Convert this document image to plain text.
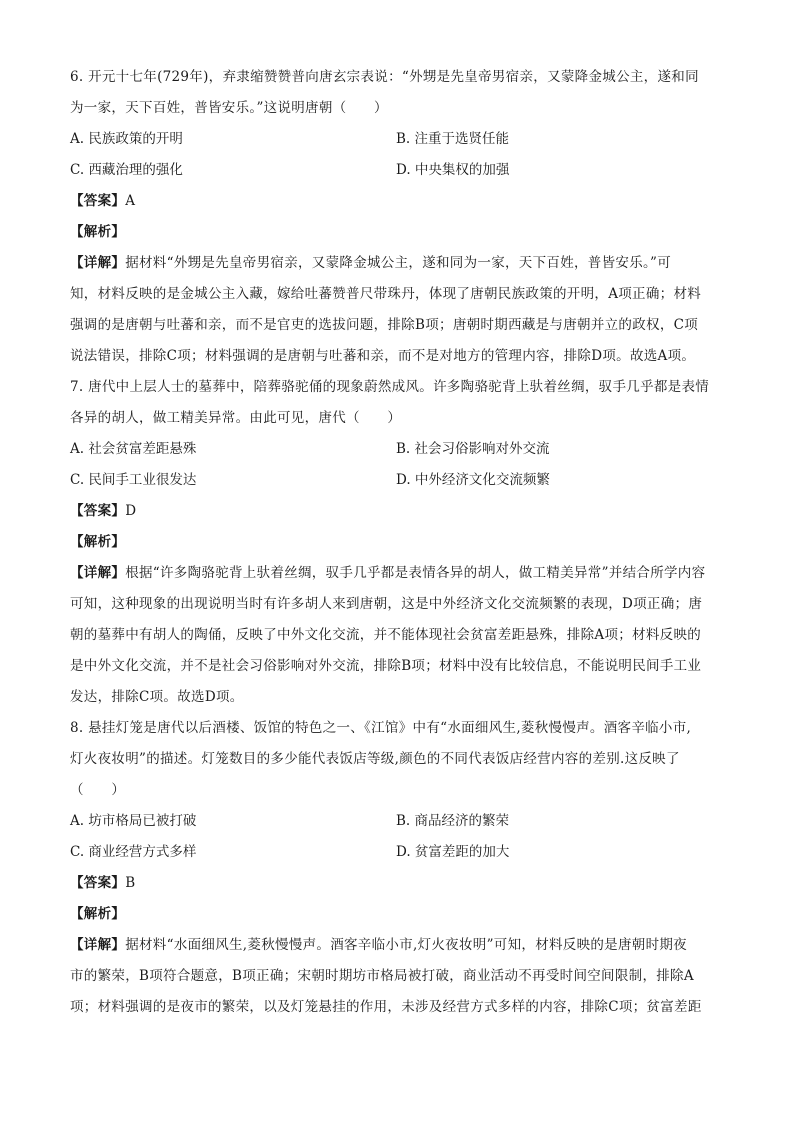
6. 开元十七年(729年)，弃隶缩赞赞普向唐玄宗表说：“外甥是先皇帝男宿亲，又蒙降金城公主，遂和同
为一家，天下百姓，普皆安乐。”这说明唐朝（　　）
A. 民族政策的开明	B. 注重于选贤任能
C. 西藏治理的强化	D. 中央集权的加强
【答案】A
【解析】
【详解】据材料“外甥是先皇帝男宿亲，又蒙降金城公主，遂和同为一家，天下百姓，普皆安乐。”可
知，材料反映的是金城公主入藏，嫁给吐蕃赞普尺带珠丹，体现了唐朝民族政策的开明，A项正确；材料
强调的是唐朝与吐蕃和亲，而不是官吏的选拔问题，排除B项；唐朝时期西藏是与唐朝并立的政权，C项
说法错误，排除C项；材料强调的是唐朝与吐蕃和亲，而不是对地方的管理内容，排除D项。故选A项。
7. 唐代中上层人士的墓葬中，陪葬骆驼俑的现象蔚然成风。许多陶骆驼背上驮着丝绸，驭手几乎都是表情
各异的胡人，做工精美异常。由此可见，唐代（　　）
A. 社会贫富差距悬殊	B. 社会习俗影响对外交流
C. 民间手工业很发达	D. 中外经济文化交流频繁
【答案】D
【解析】
【详解】根据“许多陶骆驼背上驮着丝绸，驭手几乎都是表情各异的胡人，做工精美异常”并结合所学内容
可知，这种现象的出现说明当时有许多胡人来到唐朝，这是中外经济文化交流频繁的表现，D项正确；唐
朝的墓葬中有胡人的陶俑，反映了中外文化交流，并不能体现社会贫富差距悬殊，排除A项；材料反映的
是中外文化交流，并不是社会习俗影响对外交流，排除B项；材料中没有比较信息，不能说明民间手工业
发达，排除C项。故选D项。
8. 悬挂灯笼是唐代以后酒楼、饭馆的特色之一、《江馆》中有“水面细风生,菱秋慢慢声。酒客辛临小市,
灯火夜妆明”的描述。灯笼数目的多少能代表饭店等级,颜色的不同代表饭店经营内容的差别.这反映了
（　　）
A. 坊市格局已被打破	B. 商品经济的繁荣
C. 商业经营方式多样	D. 贫富差距的加大
【答案】B
【解析】
【详解】据材料“水面细风生,菱秋慢慢声。酒客辛临小市,灯火夜妆明”可知，材料反映的是唐朝时期夜
市的繁荣，B项符合题意，B项正确；宋朝时期坊市格局被打破，商业活动不再受时间空间限制，排除A
项；材料强调的是夜市的繁荣，以及灯笼悬挂的作用，未涉及经营方式多样的内容，排除C项；贫富差距
